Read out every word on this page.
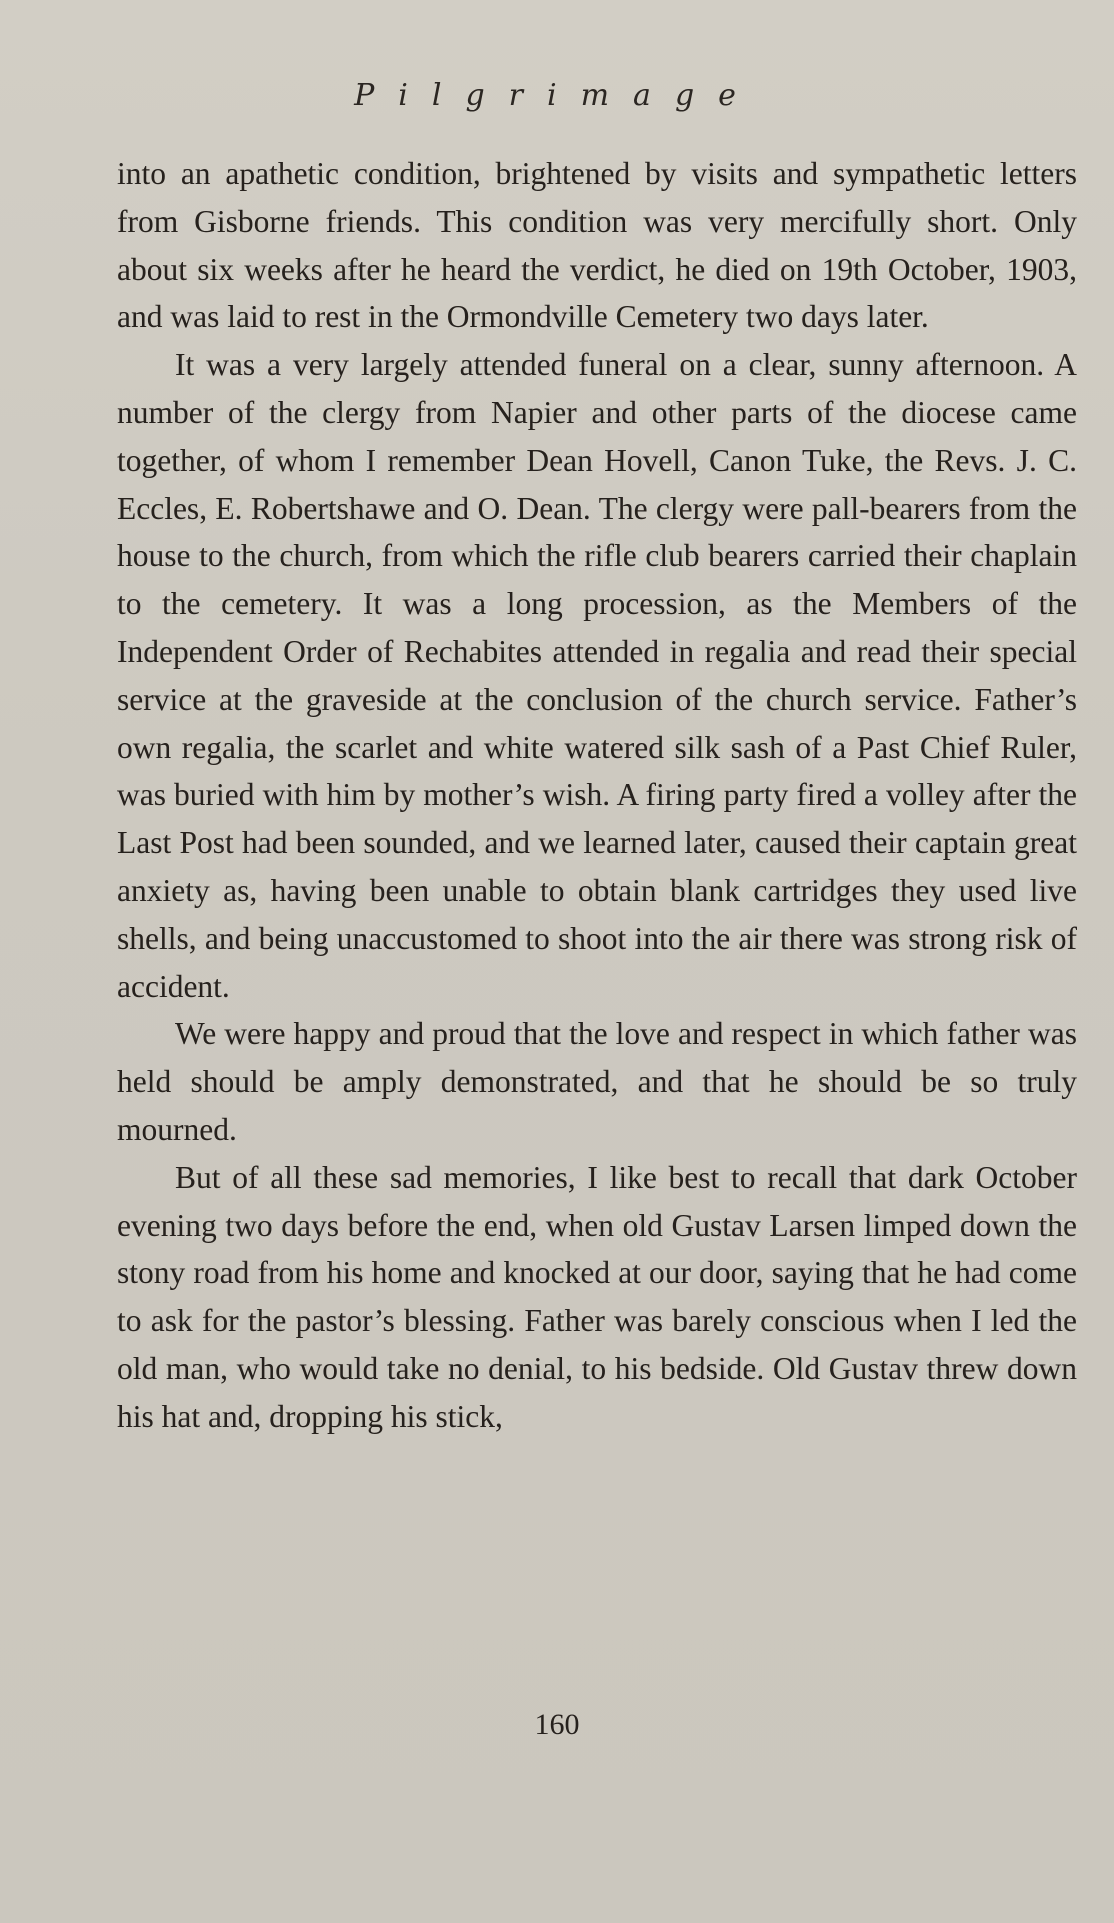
Pilgrimage

into an apathetic condition, brightened by visits and sympathetic letters from Gisborne friends. This condition was very mercifully short. Only about six weeks after he heard the verdict, he died on 19th October, 1903, and was laid to rest in the Ormondville Cemetery two days later.

It was a very largely attended funeral on a clear, sunny afternoon. A number of the clergy from Napier and other parts of the diocese came together, of whom I remember Dean Hovell, Canon Tuke, the Revs. J. C. Eccles, E. Robertshawe and O. Dean. The clergy were pall-bearers from the house to the church, from which the rifle club bearers carried their chaplain to the cemetery. It was a long procession, as the Members of the Independent Order of Rechabites attended in regalia and read their special service at the graveside at the conclusion of the church service. Father’s own regalia, the scarlet and white watered silk sash of a Past Chief Ruler, was buried with him by mother’s wish. A firing party fired a volley after the Last Post had been sounded, and we learned later, caused their captain great anxiety as, having been unable to obtain blank cartridges they used live shells, and being unaccustomed to shoot into the air there was strong risk of accident.

We were happy and proud that the love and respect in which father was held should be amply demonstrated, and that he should be so truly mourned.

But of all these sad memories, I like best to recall that dark October evening two days before the end, when old Gustav Larsen limped down the stony road from his home and knocked at our door, saying that he had come to ask for the pastor’s blessing. Father was barely conscious when I led the old man, who would take no denial, to his bedside. Old Gustav threw down his hat and, dropping his stick,

160
